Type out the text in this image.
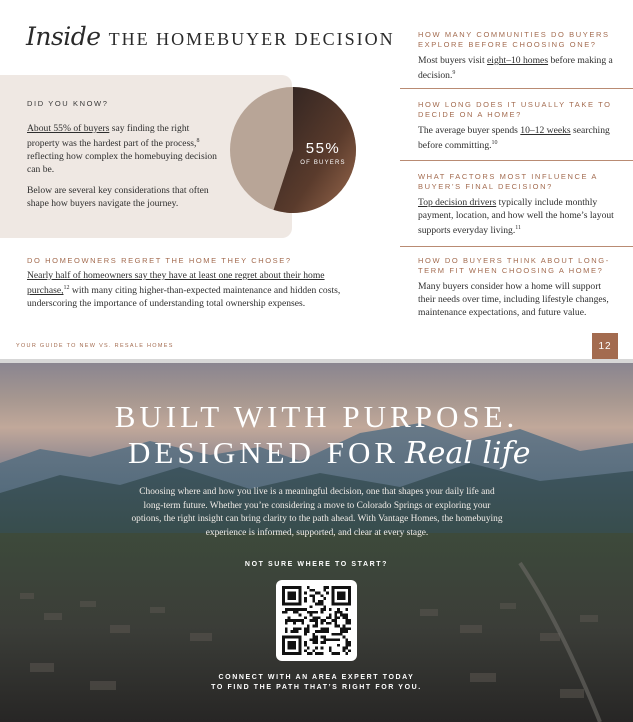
Inside THE HOMEBUYER DECISION
DID YOU KNOW?

About 55% of buyers say finding the right property was the hardest part of the process,$^8$ reflecting how complex the homebuying decision can be.

Below are several key considerations that often shape how buyers navigate the journey.

55%
OF BUYERS
DO HOMEOWNERS REGRET THE HOME THEY CHOSE?

Nearly half of homeowners say they have at least one regret about their home purchase,$^{12}$ with many citing higher-than-expected maintenance and hidden costs, underscoring the importance of understanding total ownership expenses.

HOW MANY COMMUNITIES DO BUYERS EXPLORE BEFORE CHOOSING ONE?

Most buyers visit eight–10 homes before making a decision.$^9$

HOW LONG DOES IT USUALLY TAKE TO DECIDE ON A HOME?

The average buyer spends 10–12 weeks searching before committing.$^{10}$

WHAT FACTORS MOST INFLUENCE A BUYER’S FINAL DECISION?

Top decision drivers typically include monthly payment, location, and how well the home’s layout supports everyday living.$^{11}$

HOW DO BUYERS THINK ABOUT LONG-TERM FIT WHEN CHOOSING A HOME?

Many buyers consider how a home will support their needs over time, including lifestyle changes, maintenance expectations, and future value.

YOUR GUIDE TO NEW VS. RESALE HOMES	12
BUILT WITH PURPOSE.
DESIGNED FOR Real life

Choosing where and how you live is a meaningful decision, one that shapes your daily life and long-term future. Whether you’re considering a move to Colorado Springs or exploring your options, the right insight can bring clarity to the path ahead. With Vantage Homes, the homebuying experience is informed, supported, and clear at every stage.

NOT SURE WHERE TO START?
CONNECT WITH AN AREA EXPERT TODAY
TO FIND THE PATH THAT’S RIGHT FOR YOU.
